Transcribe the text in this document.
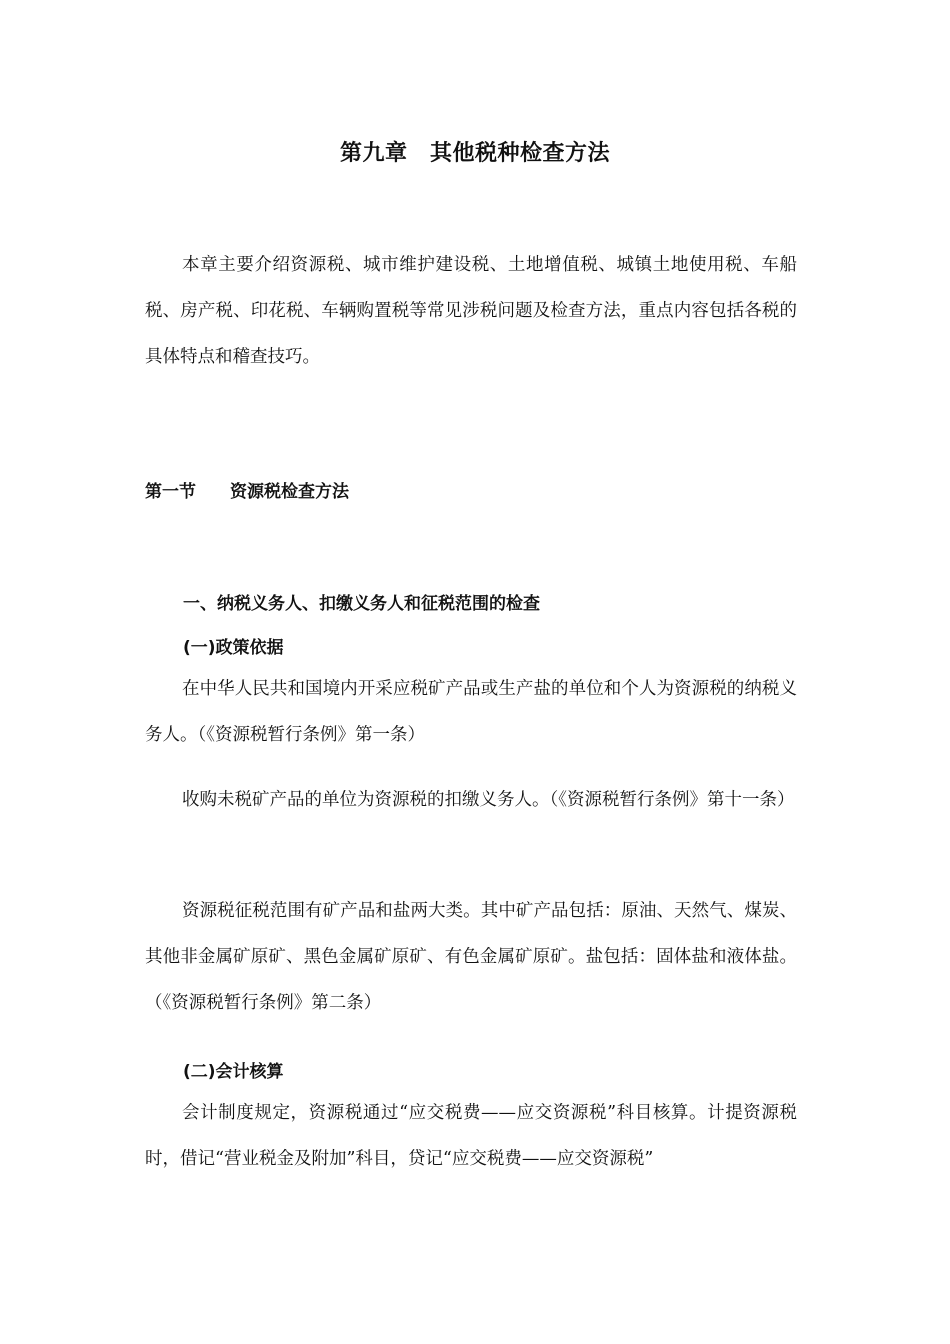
第九章　其他税种检查方法

本章主要介绍资源税、城市维护建设税、土地增值税、城镇土地使用税、车船税、房产税、印花税、车辆购置税等常见涉税问题及检查方法，重点内容包括各税的具体特点和稽查技巧。

第一节　　资源税检查方法
一、纳税义务人、扣缴义务人和征税范围的检查
(一)政策依据

在中华人民共和国境内开采应税矿产品或生产盐的单位和个人为资源税的纳税义务人。（《资源税暂行条例》第一条）

收购未税矿产品的单位为资源税的扣缴义务人。（《资源税暂行条例》第十一条）

资源税征税范围有矿产品和盐两大类。其中矿产品包括：原油、天然气、煤炭、其他非金属矿原矿、黑色金属矿原矿、有色金属矿原矿。盐包括：固体盐和液体盐。（《资源税暂行条例》第二条）

(二)会计核算

会计制度规定，资源税通过“应交税费——应交资源税”科目核算。计提资源税时，借记“营业税金及附加”科目，贷记“应交税费——应交资源税”
